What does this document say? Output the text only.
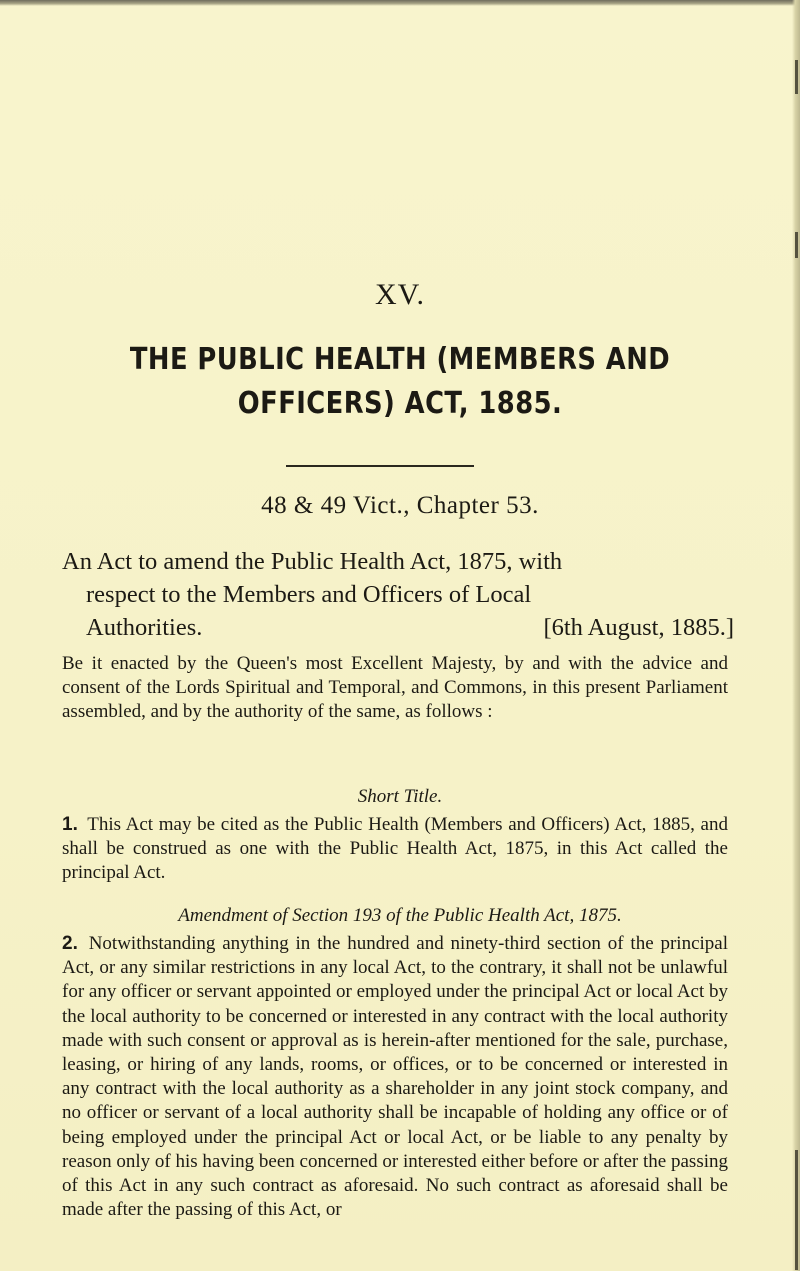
XV.
THE PUBLIC HEALTH (MEMBERS AND
OFFICERS) ACT, 1885.
48 & 49 Vict., Chapter 53.
An Act to amend the Public Health Act, 1875, with
respect to the Members and Officers of Local
Authorities.	[6th August, 1885.]
Be it enacted by the Queen's most Excellent Majesty, by and with the advice and consent of the Lords Spiritual and Temporal, and Commons, in this present Parliament assembled, and by the authority of the same, as follows :
Short Title.
1. This Act may be cited as the Public Health (Members and Officers) Act, 1885, and shall be construed as one with the Public Health Act, 1875, in this Act called the principal Act.
Amendment of Section 193 of the Public Health Act, 1875.
2. Notwithstanding anything in the hundred and ninety-third section of the principal Act, or any similar restrictions in any local Act, to the contrary, it shall not be unlawful for any officer or servant appointed or employed under the principal Act or local Act by the local authority to be concerned or interested in any contract with the local authority made with such consent or approval as is herein-after mentioned for the sale, purchase, leasing, or hiring of any lands, rooms, or offices, or to be concerned or interested in any contract with the local authority as a shareholder in any joint stock company, and no officer or servant of a local authority shall be incapable of holding any office or of being employed under the principal Act or local Act, or be liable to any penalty by reason only of his having been concerned or interested either before or after the passing of this Act in any such contract as aforesaid. No such contract as aforesaid shall be made after the passing of this Act, or
